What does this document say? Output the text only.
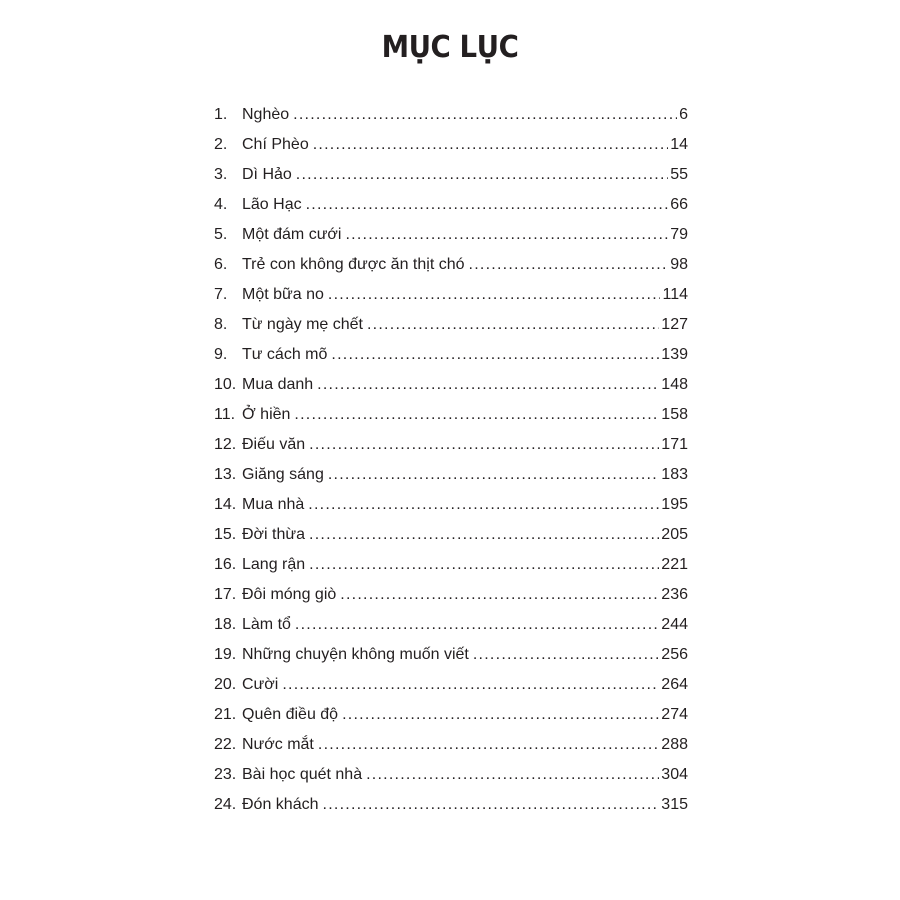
MỤC LỤC
1. Nghèo . . .	6
2. Chí Phèo . . .	14
3. Dì Hảo . . .	55
4. Lão Hạc . . .	66
5. Một đám cưới . . .	79
6. Trẻ con không được ăn thịt chó . . .	98
7. Một bữa no . . .	114
8. Từ ngày mẹ chết . . .	127
9. Tư cách mõ . . .	139
10. Mua danh . . .	148
11. Ở hiền . . .	158
12. Điếu văn . . .	171
13. Giăng sáng . . .	183
14. Mua nhà . . .	195
15. Đời thừa . . .	205
16. Lang rận . . .	221
17. Đôi móng giò . . .	236
18. Làm tổ . . .	244
19. Những chuyện không muốn viết . . .	256
20. Cười . . .	264
21. Quên điều độ . . .	274
22. Nước mắt . . .	288
23. Bài học quét nhà . . .	304
24. Đón khách . . .	315
